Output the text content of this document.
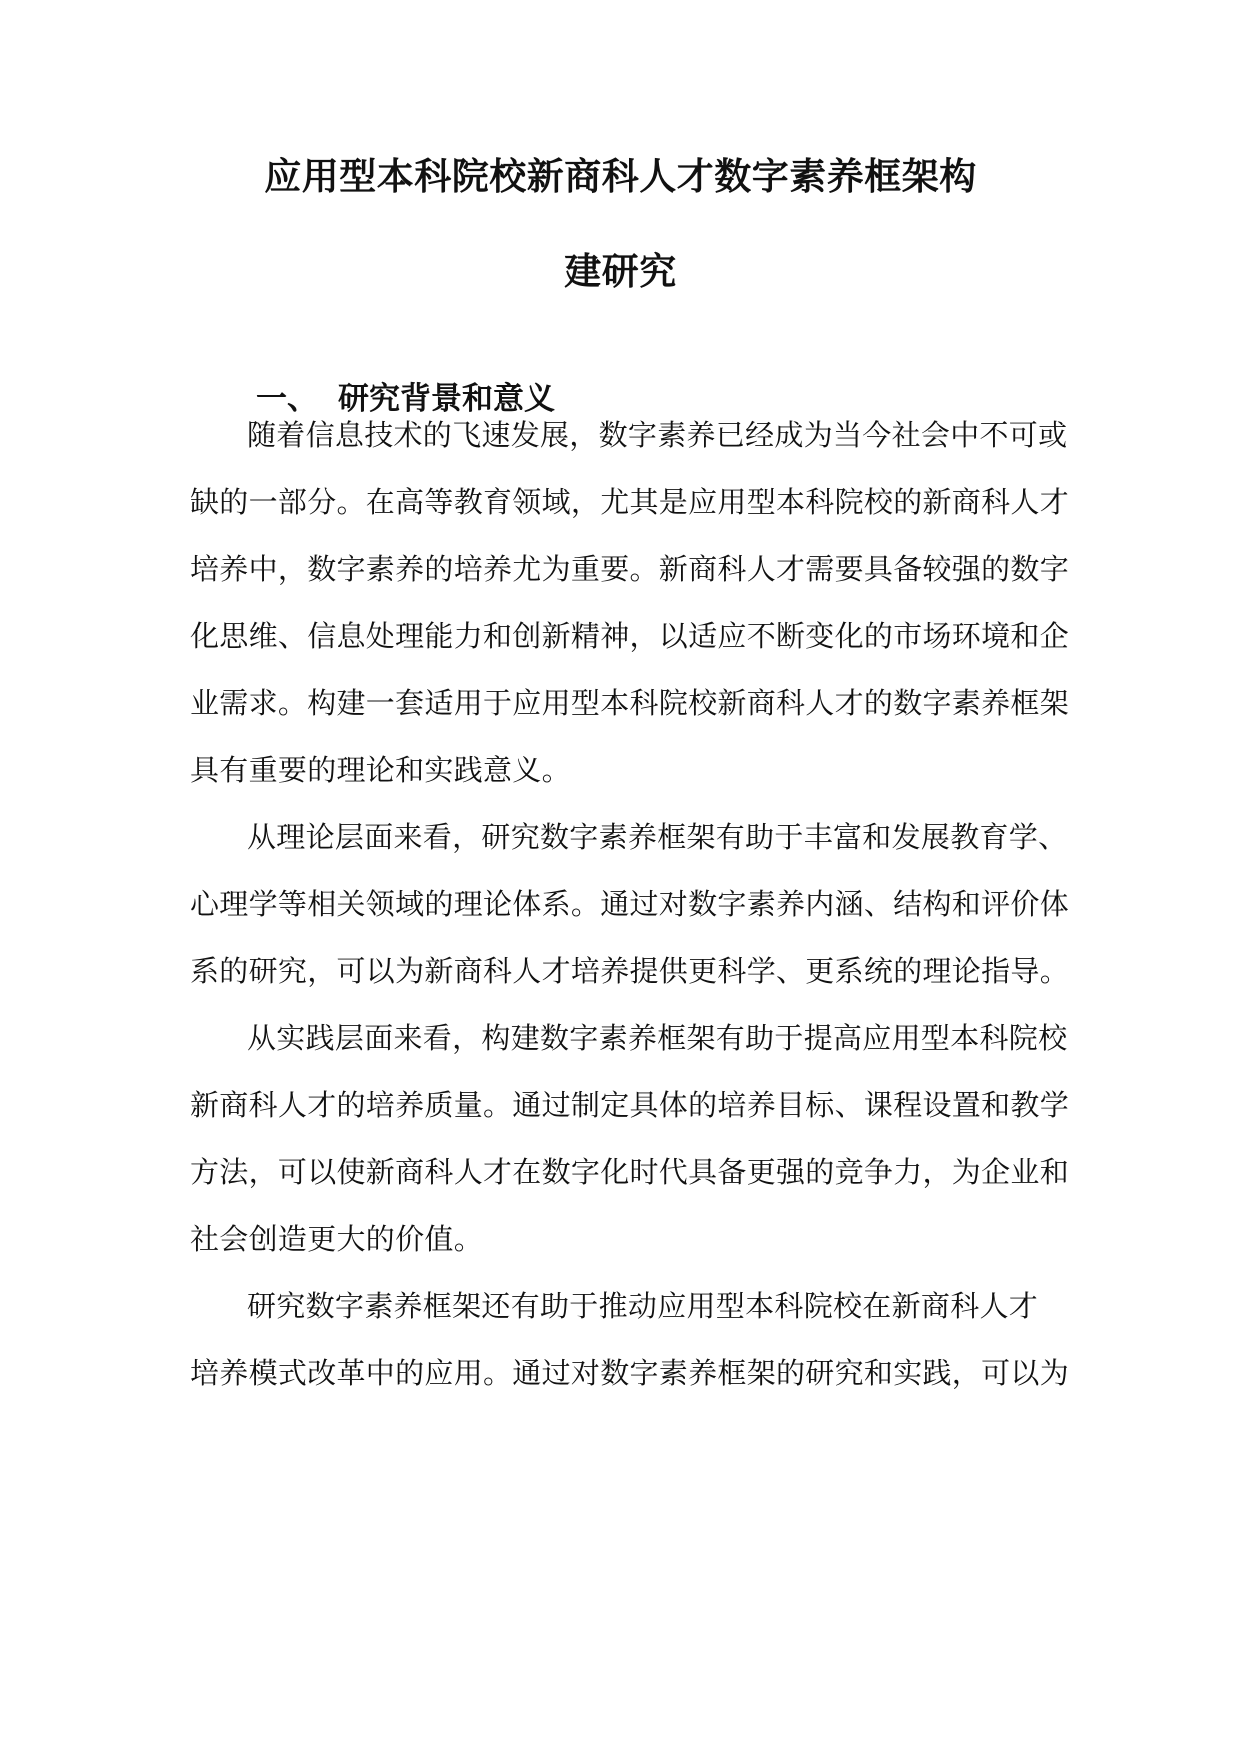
应用型本科院校新商科人才数字素养框架构
建研究
一、 研究背景和意义
随着信息技术的飞速发展，数字素养已经成为当今社会中不可或
缺的一部分。在高等教育领域，尤其是应用型本科院校的新商科人才
培养中，数字素养的培养尤为重要。新商科人才需要具备较强的数字
化思维、信息处理能力和创新精神，以适应不断变化的市场环境和企
业需求。构建一套适用于应用型本科院校新商科人才的数字素养框架
具有重要的理论和实践意义。
从理论层面来看，研究数字素养框架有助于丰富和发展教育学、
心理学等相关领域的理论体系。通过对数字素养内涵、结构和评价体
系的研究，可以为新商科人才培养提供更科学、更系统的理论指导。
从实践层面来看，构建数字素养框架有助于提高应用型本科院校
新商科人才的培养质量。通过制定具体的培养目标、课程设置和教学
方法，可以使新商科人才在数字化时代具备更强的竞争力，为企业和
社会创造更大的价值。
研究数字素养框架还有助于推动应用型本科院校在新商科人才
培养模式改革中的应用。通过对数字素养框架的研究和实践，可以为
